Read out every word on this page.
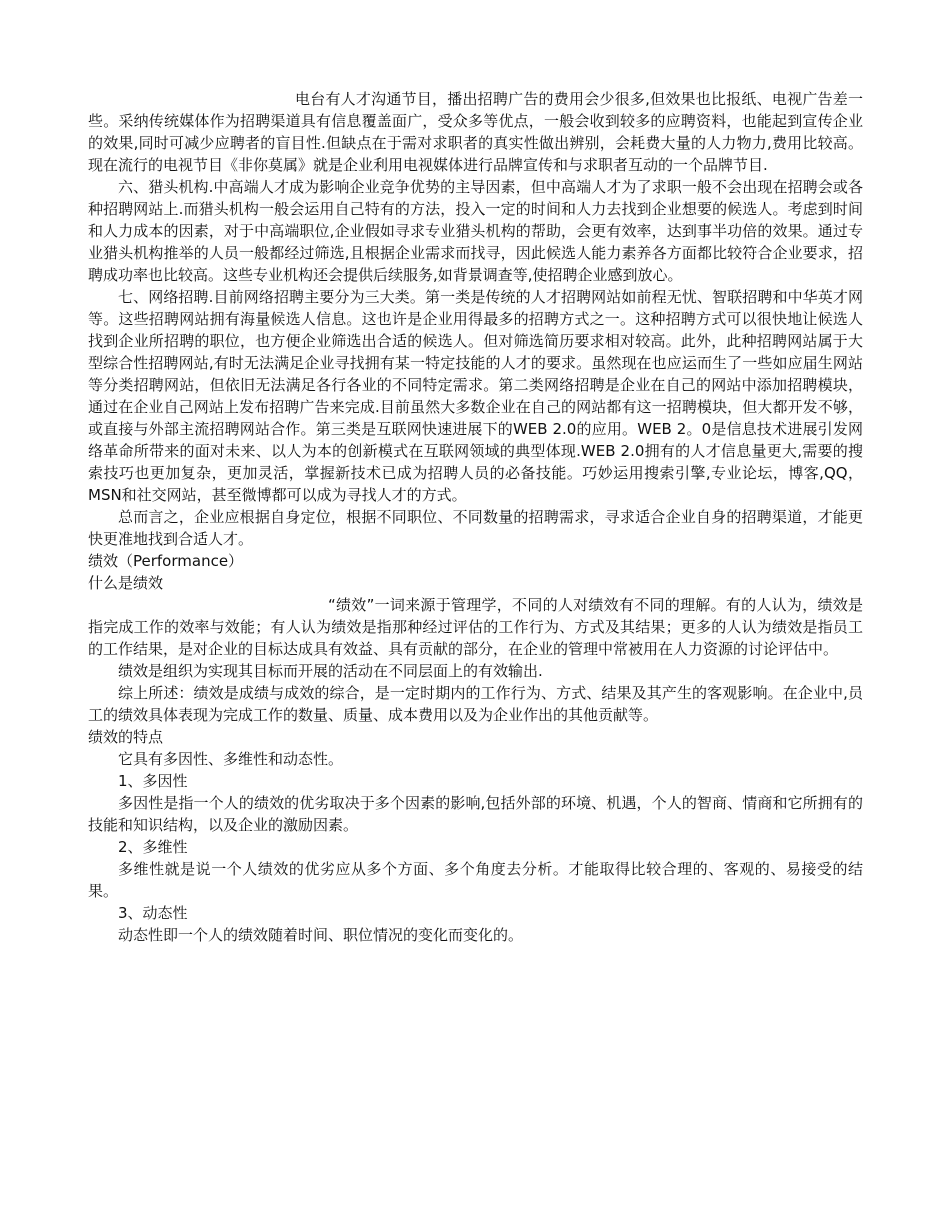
电台有人才沟通节目，播出招聘广告的费用会少很多,但效果也比报纸、电视广告差一些。采纳传统媒体作为招聘渠道具有信息覆盖面广，受众多等优点，一般会收到较多的应聘资料，也能起到宣传企业的效果,同时可减少应聘者的盲目性.但缺点在于需对求职者的真实性做出辨别，会耗费大量的人力物力,费用比较高。现在流行的电视节目《非你莫属》就是企业利用电视媒体进行品牌宣传和与求职者互动的一个品牌节目.

六、猎头机构.中高端人才成为影响企业竞争优势的主导因素，但中高端人才为了求职一般不会出现在招聘会或各种招聘网站上.而猎头机构一般会运用自己特有的方法，投入一定的时间和人力去找到企业想要的候选人。考虑到时间和人力成本的因素，对于中高端职位,企业假如寻求专业猎头机构的帮助，会更有效率，达到事半功倍的效果。通过专业猎头机构推举的人员一般都经过筛选,且根据企业需求而找寻，因此候选人能力素养各方面都比较符合企业要求，招聘成功率也比较高。这些专业机构还会提供后续服务,如背景调查等,使招聘企业感到放心。

七、网络招聘.目前网络招聘主要分为三大类。第一类是传统的人才招聘网站如前程无忧、智联招聘和中华英才网等。这些招聘网站拥有海量候选人信息。这也许是企业用得最多的招聘方式之一。这种招聘方式可以很快地让候选人找到企业所招聘的职位，也方便企业筛选出合适的候选人。但对筛选简历要求相对较高。此外，此种招聘网站属于大型综合性招聘网站,有时无法满足企业寻找拥有某一特定技能的人才的要求。虽然现在也应运而生了一些如应届生网站等分类招聘网站，但依旧无法满足各行各业的不同特定需求。第二类网络招聘是企业在自己的网站中添加招聘模块，通过在企业自己网站上发布招聘广告来完成.目前虽然大多数企业在自己的网站都有这一招聘模块，但大都开发不够，或直接与外部主流招聘网站合作。第三类是互联网快速进展下的WEB 2.0的应用。WEB 2。0是信息技术进展引发网络革命所带来的面对未来、以人为本的创新模式在互联网领域的典型体现.WEB 2.0拥有的人才信息量更大,需要的搜索技巧也更加复杂，更加灵活，掌握新技术已成为招聘人员的必备技能。巧妙运用搜索引擎,专业论坛，博客,QQ，MSN和社交网站，甚至微博都可以成为寻找人才的方式。

总而言之，企业应根据自身定位，根据不同职位、不同数量的招聘需求，寻求适合企业自身的招聘渠道，才能更快更准地找到合适人才。

绩效（Performance）

什么是绩效

“绩效”一词来源于管理学，不同的人对绩效有不同的理解。有的人认为，绩效是指完成工作的效率与效能；有人认为绩效是指那种经过评估的工作行为、方式及其结果；更多的人认为绩效是指员工的工作结果，是对企业的目标达成具有效益、具有贡献的部分，在企业的管理中常被用在人力资源的讨论评估中。

绩效是组织为实现其目标而开展的活动在不同层面上的有效输出.

综上所述：绩效是成绩与成效的综合，是一定时期内的工作行为、方式、结果及其产生的客观影响。在企业中,员工的绩效具体表现为完成工作的数量、质量、成本费用以及为企业作出的其他贡献等。

绩效的特点

它具有多因性、多维性和动态性。

1、多因性

多因性是指一个人的绩效的优劣取决于多个因素的影响,包括外部的环境、机遇，个人的智商、情商和它所拥有的技能和知识结构，以及企业的激励因素。

2、多维性

多维性就是说一个人绩效的优劣应从多个方面、多个角度去分析。才能取得比较合理的、客观的、易接受的结果。

3、动态性

动态性即一个人的绩效随着时间、职位情况的变化而变化的。
